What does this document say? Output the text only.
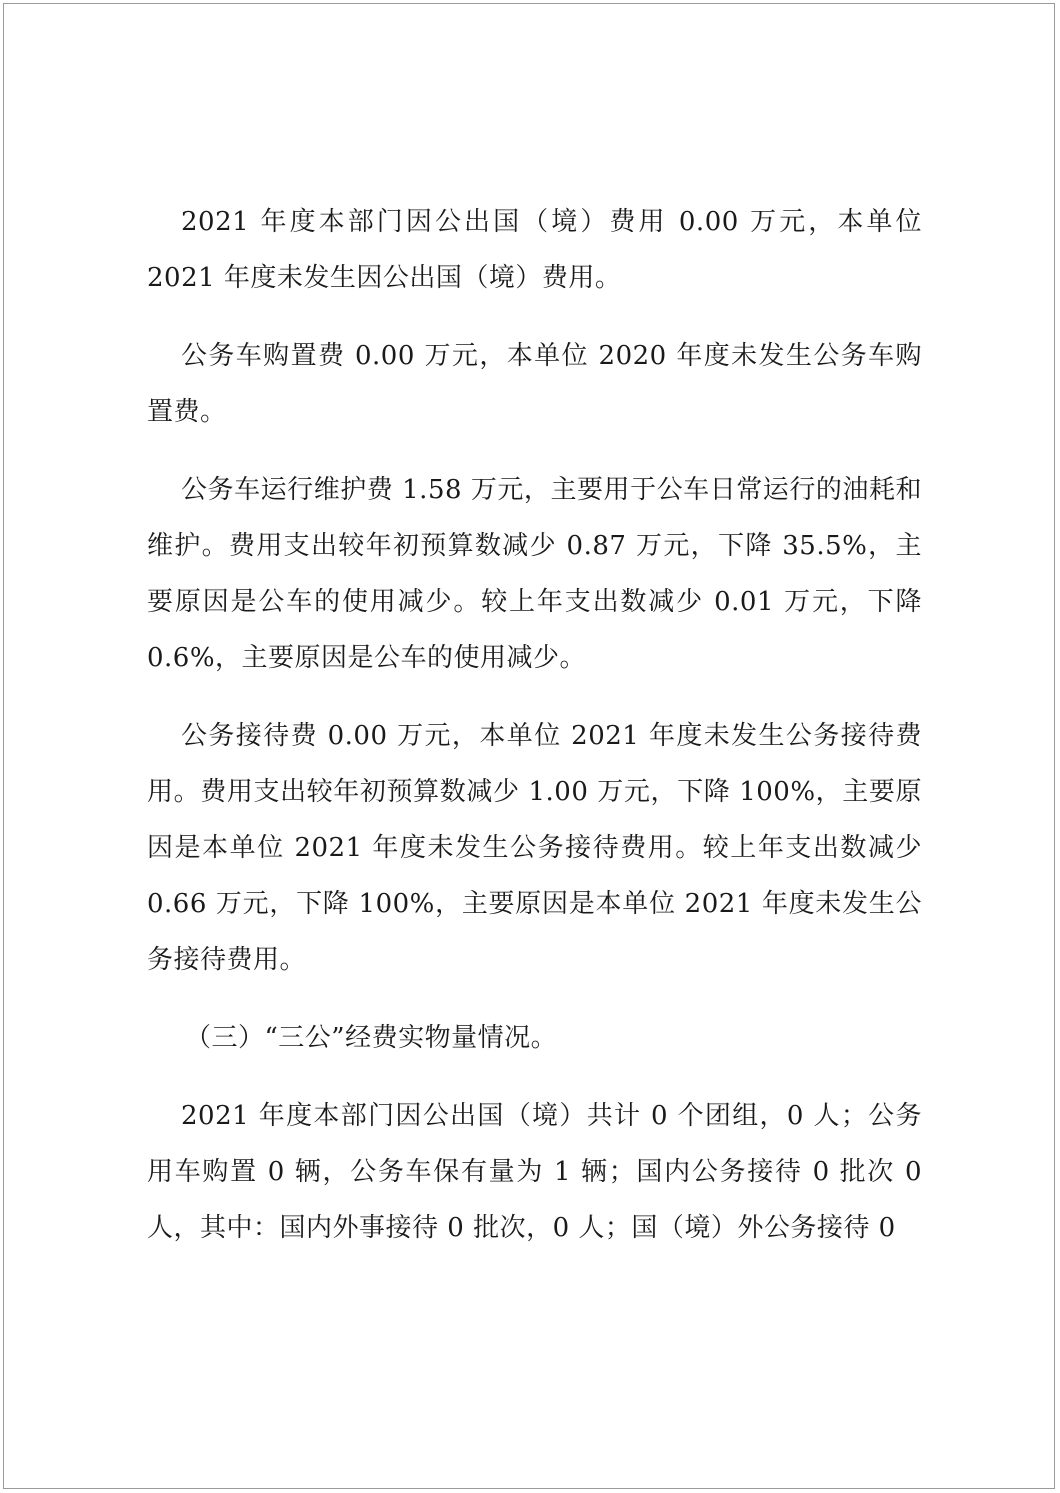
2021 年度本部门因公出国（境）费用 0.00 万元，本单位 2021 年度未发生因公出国（境）费用。

公务车购置费 0.00 万元，本单位 2020 年度未发生公务车购置费。

公务车运行维护费 1.58 万元，主要用于公车日常运行的油耗和维护。费用支出较年初预算数减少 0.87 万元，下降 35.5%，主要原因是公车的使用减少。较上年支出数减少 0.01 万元，下降 0.6%，主要原因是公车的使用减少。

公务接待费 0.00 万元，本单位 2021 年度未发生公务接待费用。费用支出较年初预算数减少 1.00 万元，下降 100%，主要原因是本单位 2021 年度未发生公务接待费用。较上年支出数减少 0.66 万元，下降 100%，主要原因是本单位 2021 年度未发生公务接待费用。

（三）“三公”经费实物量情况。

2021 年度本部门因公出国（境）共计 0 个团组，0 人；公务用车购置 0 辆，公务车保有量为 1 辆；国内公务接待 0 批次 0 人，其中：国内外事接待 0 批次，0 人；国（境）外公务接待 0
